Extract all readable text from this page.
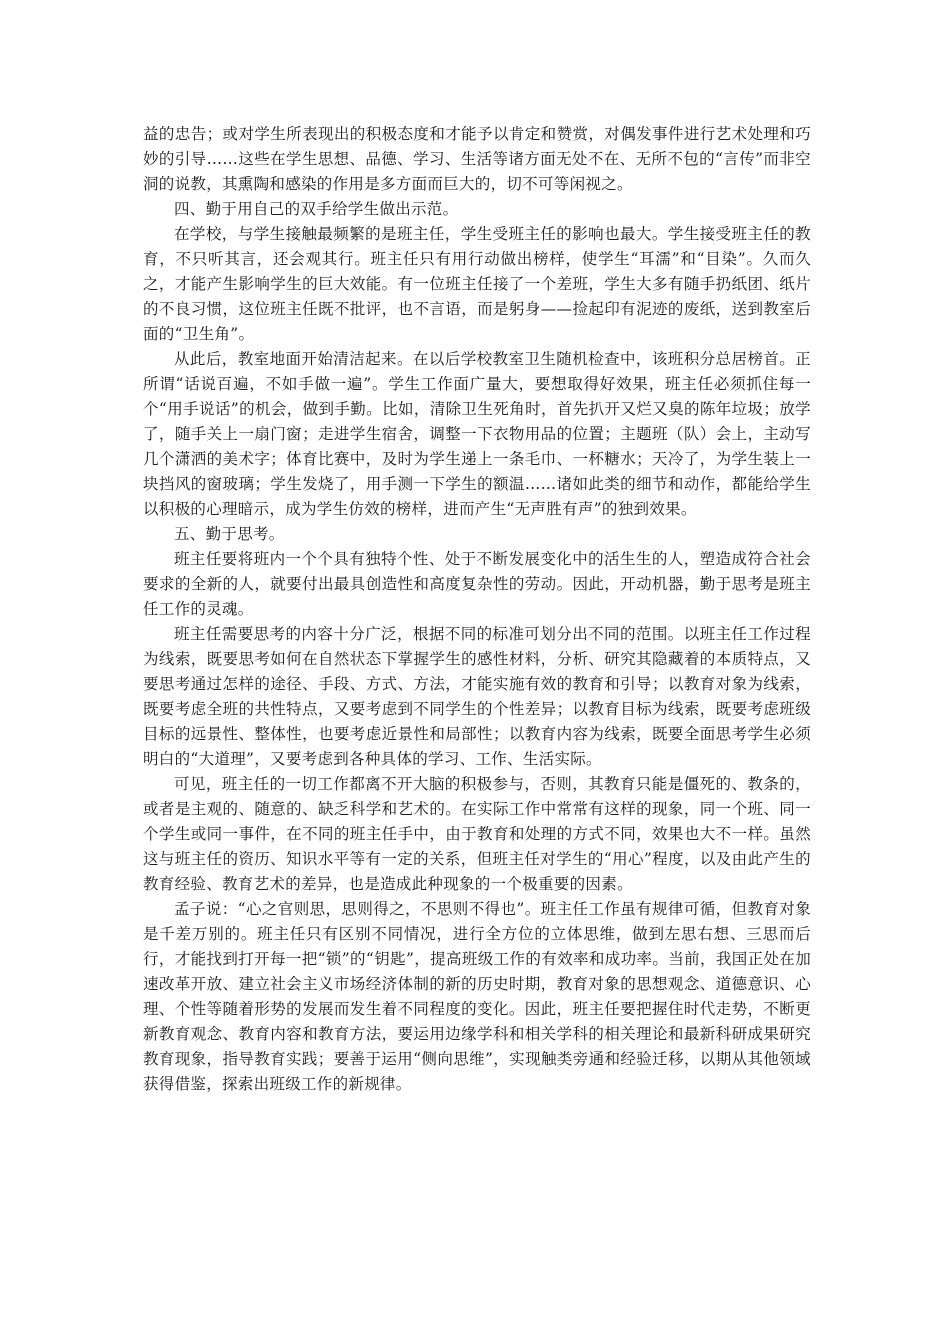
益的忠告；或对学生所表现出的积极态度和才能予以肯定和赞赏，对偶发事件进行艺术处理和巧妙的引导……这些在学生思想、品德、学习、生活等诸方面无处不在、无所不包的“言传”而非空洞的说教，其熏陶和感染的作用是多方面而巨大的，切不可等闲视之。

四、勤于用自己的双手给学生做出示范。

在学校，与学生接触最频繁的是班主任，学生受班主任的影响也最大。学生接受班主任的教育，不只听其言，还会观其行。班主任只有用行动做出榜样，使学生“耳濡”和“目染”。久而久之，才能产生影响学生的巨大效能。有一位班主任接了一个差班，学生大多有随手扔纸团、纸片的不良习惯，这位班主任既不批评，也不言语，而是躬身——捡起印有泥迹的废纸，送到教室后面的“卫生角”。

从此后，教室地面开始清洁起来。在以后学校教室卫生随机检查中，该班积分总居榜首。正所谓“话说百遍，不如手做一遍”。学生工作面广量大，要想取得好效果，班主任必须抓住每一个“用手说话”的机会，做到手勤。比如，清除卫生死角时，首先扒开又烂又臭的陈年垃圾；放学了，随手关上一扇门窗；走进学生宿舍，调整一下衣物用品的位置；主题班（队）会上，主动写几个潇洒的美术字；体育比赛中，及时为学生递上一条毛巾、一杯糖水；天冷了，为学生装上一块挡风的窗玻璃；学生发烧了，用手测一下学生的额温……诸如此类的细节和动作，都能给学生以积极的心理暗示，成为学生仿效的榜样，进而产生“无声胜有声”的独到效果。

五、勤于思考。

班主任要将班内一个个具有独特个性、处于不断发展变化中的活生生的人，塑造成符合社会要求的全新的人，就要付出最具创造性和高度复杂性的劳动。因此，开动机器，勤于思考是班主任工作的灵魂。

班主任需要思考的内容十分广泛，根据不同的标准可划分出不同的范围。以班主任工作过程为线索，既要思考如何在自然状态下掌握学生的感性材料，分析、研究其隐藏着的本质特点，又要思考通过怎样的途径、手段、方式、方法，才能实施有效的教育和引导；以教育对象为线索，既要考虑全班的共性特点，又要考虑到不同学生的个性差异；以教育目标为线索，既要考虑班级目标的远景性、整体性，也要考虑近景性和局部性；以教育内容为线索，既要全面思考学生必须明白的“大道理”，又要考虑到各种具体的学习、工作、生活实际。

可见，班主任的一切工作都离不开大脑的积极参与，否则，其教育只能是僵死的、教条的，或者是主观的、随意的、缺乏科学和艺术的。在实际工作中常常有这样的现象，同一个班、同一个学生或同一事件，在不同的班主任手中，由于教育和处理的方式不同，效果也大不一样。虽然这与班主任的资历、知识水平等有一定的关系，但班主任对学生的“用心”程度，以及由此产生的教育经验、教育艺术的差异，也是造成此种现象的一个极重要的因素。

孟子说：“心之官则思，思则得之，不思则不得也”。班主任工作虽有规律可循，但教育对象是千差万别的。班主任只有区别不同情况，进行全方位的立体思维，做到左思右想、三思而后行，才能找到打开每一把“锁”的“钥匙”，提高班级工作的有效率和成功率。当前，我国正处在加速改革开放、建立社会主义市场经济体制的新的历史时期，教育对象的思想观念、道德意识、心理、个性等随着形势的发展而发生着不同程度的变化。因此，班主任要把握住时代走势，不断更新教育观念、教育内容和教育方法，要运用边缘学科和相关学科的相关理论和最新科研成果研究教育现象，指导教育实践；要善于运用“侧向思维”，实现触类旁通和经验迁移，以期从其他领域获得借鉴，探索出班级工作的新规律。
